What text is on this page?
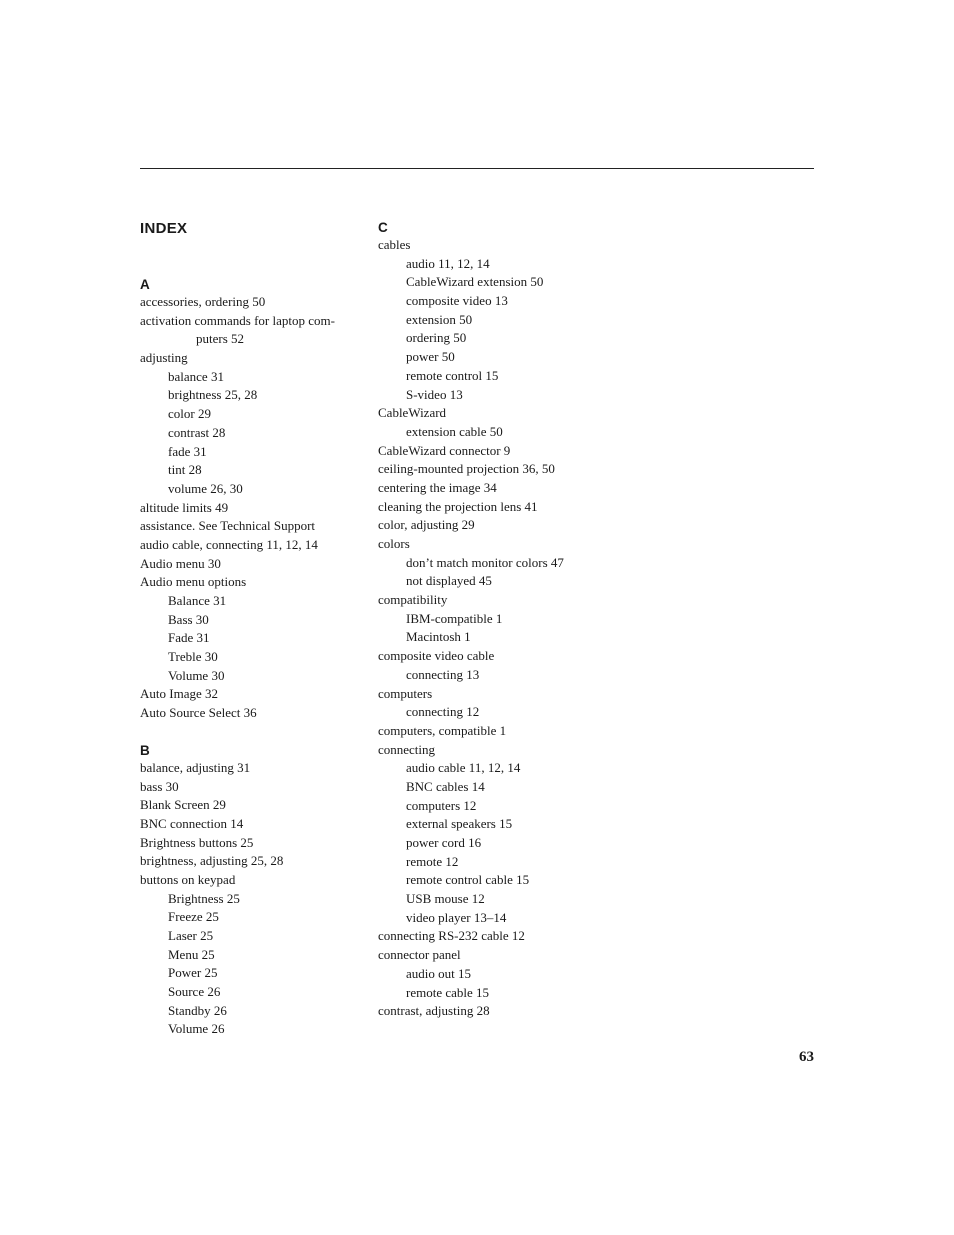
INDEX
A
accessories, ordering 50
activation commands for laptop com-
puters 52
adjusting
balance 31
brightness 25, 28
color 29
contrast 28
fade 31
tint 28
volume 26, 30
altitude limits 49
assistance. See Technical Support
audio cable, connecting 11, 12, 14
Audio menu 30
Audio menu options
Balance 31
Bass 30
Fade 31
Treble 30
Volume 30
Auto Image 32
Auto Source Select 36
B
balance, adjusting 31
bass 30
Blank Screen 29
BNC connection 14
Brightness buttons 25
brightness, adjusting 25, 28
buttons on keypad
Brightness 25
Freeze 25
Laser 25
Menu 25
Power 25
Source 26
Standby 26
Volume 26
C
cables
audio 11, 12, 14
CableWizard extension 50
composite video 13
extension 50
ordering 50
power 50
remote control 15
S-video 13
CableWizard
extension cable 50
CableWizard connector 9
ceiling-mounted projection 36, 50
centering the image 34
cleaning the projection lens 41
color, adjusting 29
colors
don’t match monitor colors 47
not displayed 45
compatibility
IBM-compatible 1
Macintosh 1
composite video cable
connecting 13
computers
connecting 12
computers, compatible 1
connecting
audio cable 11, 12, 14
BNC cables 14
computers 12
external speakers 15
power cord 16
remote 12
remote control cable 15
USB mouse 12
video player 13–14
connecting RS-232 cable 12
connector panel
audio out 15
remote cable 15
contrast, adjusting 28
63
